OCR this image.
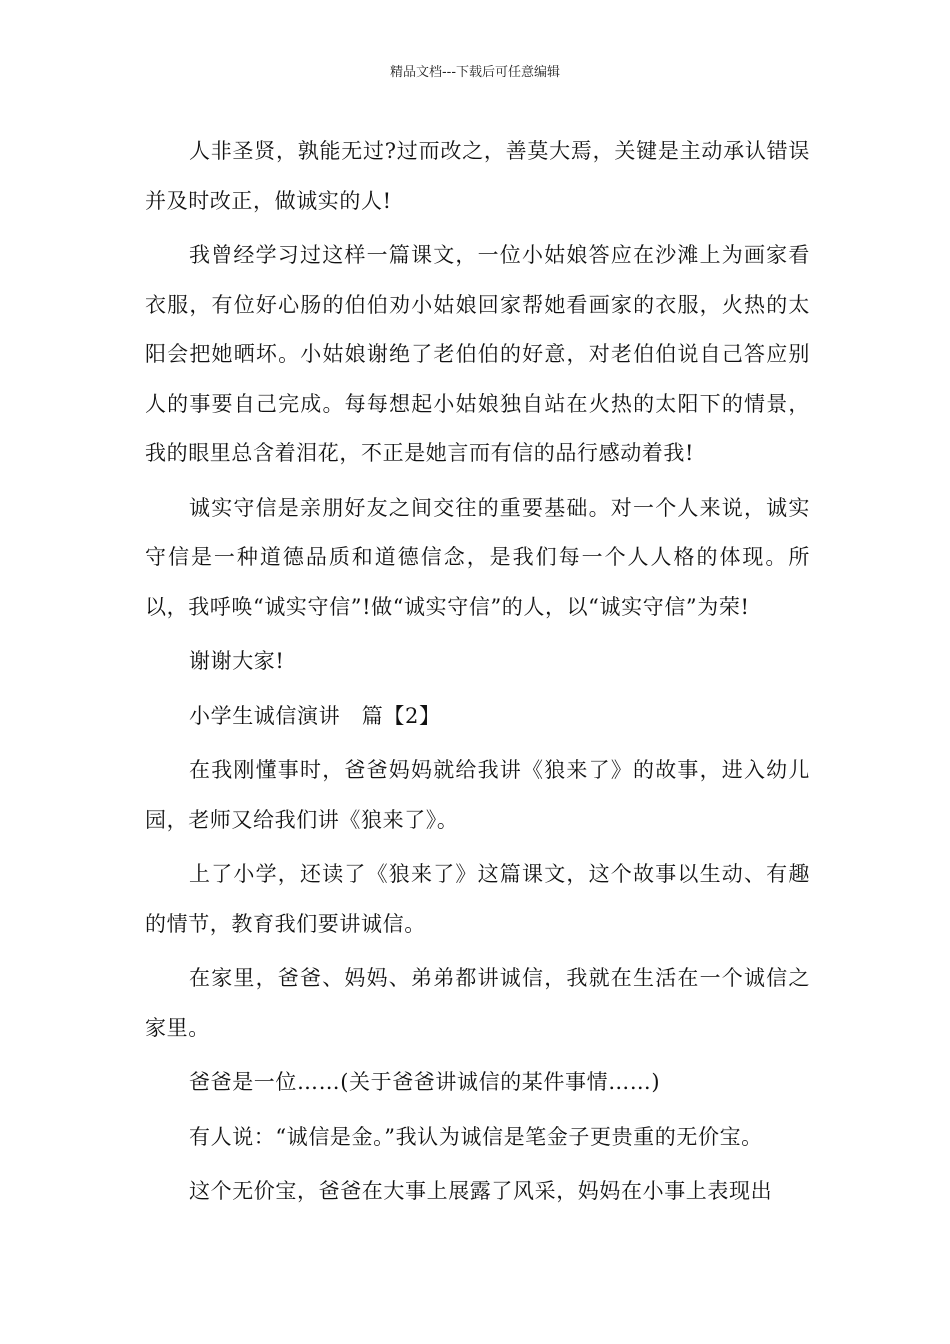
精品文档---下载后可任意编辑

人非圣贤，孰能无过?过而改之，善莫大焉，关键是主动承认错误并及时改正，做诚实的人!

我曾经学习过这样一篇课文，一位小姑娘答应在沙滩上为画家看衣服，有位好心肠的伯伯劝小姑娘回家帮她看画家的衣服，火热的太阳会把她晒坏。小姑娘谢绝了老伯伯的好意，对老伯伯说自己答应别人的事要自己完成。每每想起小姑娘独自站在火热的太阳下的情景，我的眼里总含着泪花，不正是她言而有信的品行感动着我!

诚实守信是亲朋好友之间交往的重要基础。对一个人来说，诚实守信是一种道德品质和道德信念，是我们每一个人人格的体现。所以，我呼唤“诚实守信”!做“诚实守信”的人，以“诚实守信”为荣!

谢谢大家!

小学生诚信演讲　篇【2】

在我刚懂事时，爸爸妈妈就给我讲《狼来了》的故事，进入幼儿园，老师又给我们讲《狼来了》。

上了小学，还读了《狼来了》这篇课文，这个故事以生动、有趣的情节，教育我们要讲诚信。

在家里，爸爸、妈妈、弟弟都讲诚信，我就在生活在一个诚信之家里。

爸爸是一位……(关于爸爸讲诚信的某件事情……)

有人说：“诚信是金。”我认为诚信是笔金子更贵重的无价宝。

这个无价宝，爸爸在大事上展露了风采，妈妈在小事上表现出
